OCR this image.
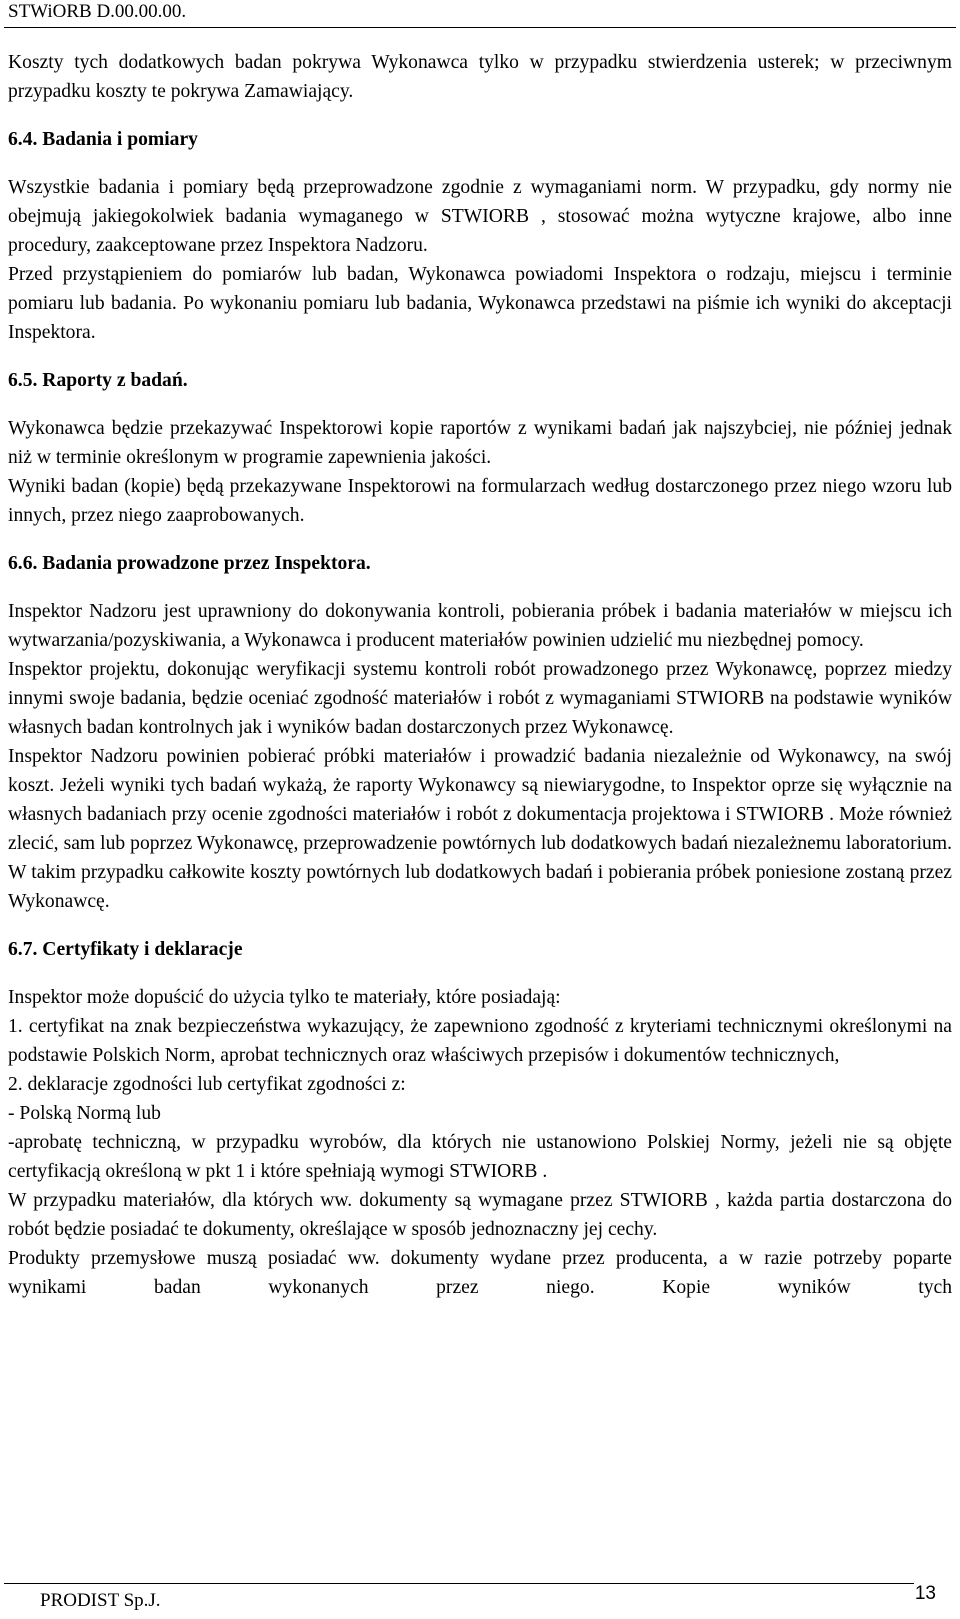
STWiORB D.00.00.00.

Koszty tych dodatkowych badan pokrywa Wykonawca tylko w przypadku stwierdzenia usterek; w przeciwnym przypadku koszty te pokrywa Zamawiający.

6.4. Badania i pomiary

Wszystkie badania i pomiary będą przeprowadzone zgodnie z wymaganiami norm. W przypadku, gdy normy nie obejmują jakiegokolwiek badania wymaganego w STWIORB , stosować można wytyczne krajowe, albo inne procedury, zaakceptowane przez Inspektora Nadzoru.

Przed przystąpieniem do pomiarów lub badan, Wykonawca powiadomi Inspektora o rodzaju, miejscu i terminie pomiaru lub badania. Po wykonaniu pomiaru lub badania, Wykonawca przedstawi na piśmie ich wyniki do akceptacji Inspektora.

6.5. Raporty z badań.

Wykonawca będzie przekazywać Inspektorowi kopie raportów z wynikami badań jak najszybciej, nie później jednak niż w terminie określonym w programie zapewnienia jakości.

Wyniki badan (kopie) będą przekazywane Inspektorowi na formularzach według dostarczonego przez niego wzoru lub innych, przez niego zaaprobowanych.

6.6. Badania prowadzone przez Inspektora.

Inspektor Nadzoru jest uprawniony do dokonywania kontroli, pobierania próbek i badania materiałów w miejscu ich wytwarzania/pozyskiwania, a Wykonawca i producent materiałów powinien udzielić mu niezbędnej pomocy.

Inspektor projektu, dokonując weryfikacji systemu kontroli robót prowadzonego przez Wykonawcę, poprzez miedzy innymi swoje badania, będzie oceniać zgodność materiałów i robót z wymaganiami STWIORB na podstawie wyników własnych badan kontrolnych jak i wyników badan dostarczonych przez Wykonawcę.

Inspektor Nadzoru powinien pobierać próbki materiałów i prowadzić badania niezależnie od Wykonawcy, na swój koszt. Jeżeli wyniki tych badań wykażą, że raporty Wykonawcy są niewiarygodne, to Inspektor oprze się wyłącznie na własnych badaniach przy ocenie zgodności materiałów i robót z dokumentacja projektowa i STWIORB . Może również zlecić, sam lub poprzez Wykonawcę, przeprowadzenie powtórnych lub dodatkowych badań niezależnemu laboratorium. W takim przypadku całkowite koszty powtórnych lub dodatkowych badań i pobierania próbek poniesione zostaną przez Wykonawcę.

6.7. Certyfikaty i deklaracje

Inspektor może dopuścić do użycia tylko te materiały, które posiadają:

1. certyfikat na znak bezpieczeństwa wykazujący, że zapewniono zgodność z kryteriami technicznymi określonymi na podstawie Polskich Norm, aprobat technicznych oraz właściwych przepisów i dokumentów technicznych,

2. deklaracje zgodności lub certyfikat zgodności z:

- Polską Normą lub

-aprobatę techniczną, w przypadku wyrobów, dla których nie ustanowiono Polskiej Normy, jeżeli nie są objęte certyfikacją określoną w pkt 1 i które spełniają wymogi STWIORB .

W przypadku materiałów, dla których ww. dokumenty są wymagane przez STWIORB , każda partia dostarczona do robót będzie posiadać te dokumenty, określające w sposób jednoznaczny jej cechy.

Produkty przemysłowe muszą posiadać ww. dokumenty wydane przez producenta, a w razie potrzeby poparte wynikami badan wykonanych przez niego. Kopie wyników tych

PRODIST Sp.J.	13
